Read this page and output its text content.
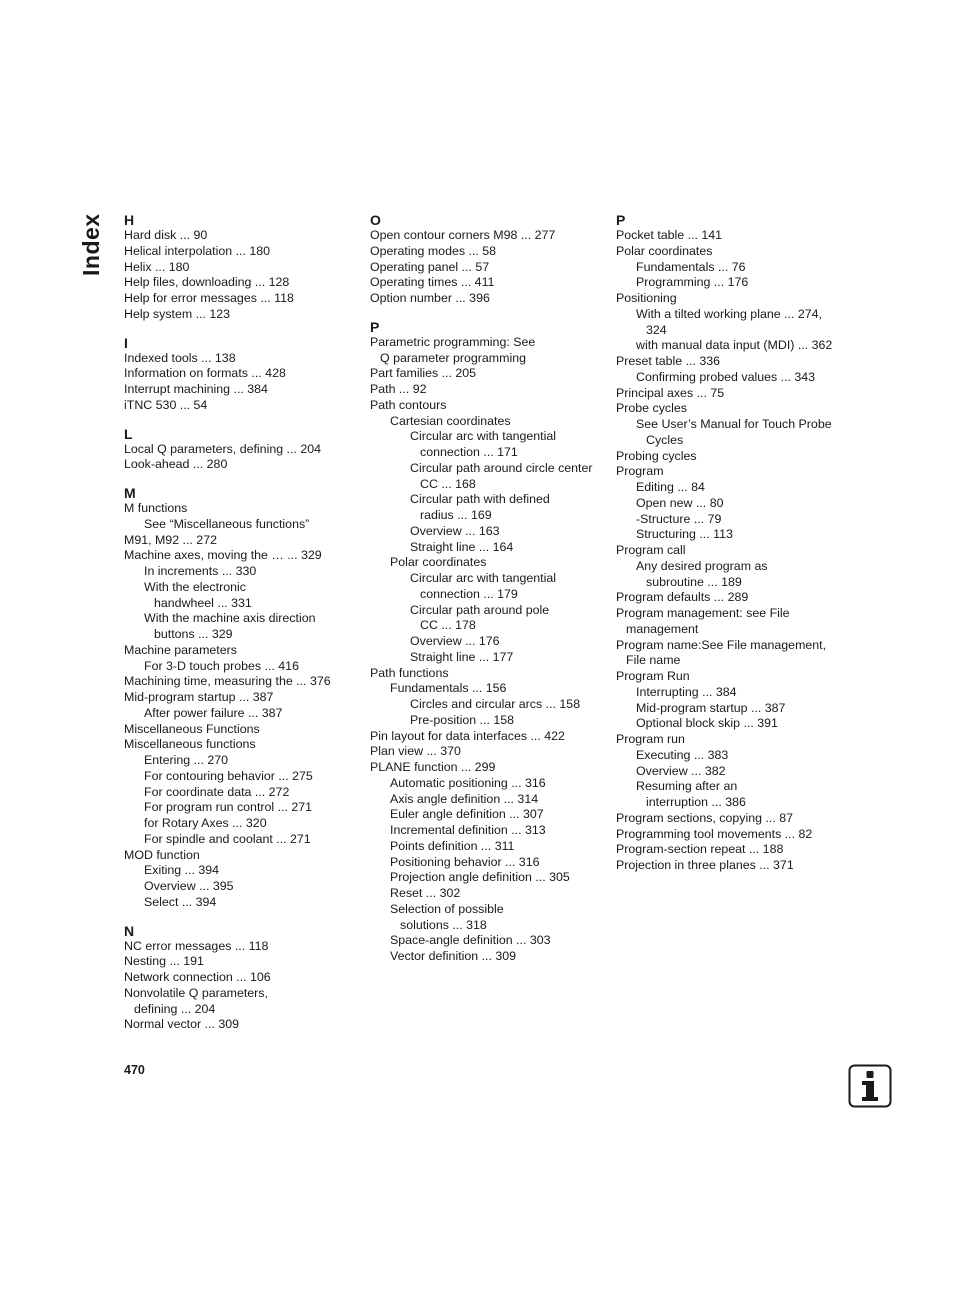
Index H
Hard disk ... 90
Helical interpolation ... 180
Helix ... 180
Help files, downloading ... 128
Help for error messages ... 118
Help system ... 123
I
Indexed tools ... 138
Information on formats ... 428
Interrupt machining ... 384
iTNC 530 ... 54
L
Local Q parameters, defining ... 204
Look-ahead ... 280
M
M functions
See “Miscellaneous functions”
M91, M92 ... 272
Machine axes, moving the … ... 329
In increments ... 330
With the electronic
handwheel ... 331
With the machine axis direction
buttons ... 329
Machine parameters
For 3-D touch probes ... 416
Machining time, measuring the ... 376
Mid-program startup ... 387
After power failure ... 387
Miscellaneous Functions
Miscellaneous functions
Entering ... 270
For contouring behavior ... 275
For coordinate data ... 272
For program run control ... 271
for Rotary Axes ... 320
For spindle and coolant ... 271
MOD function
Exiting ... 394
Overview ... 395
Select ... 394
N
NC error messages ... 118
Nesting ... 191
Network connection ... 106
Nonvolatile Q parameters,
defining ... 204
Normal vector ... 309
O
Open contour corners M98 ... 277
Operating modes ... 58
Operating panel ... 57
Operating times ... 411
Option number ... 396
P
Parametric programming: See
Q parameter programming
Part families ... 205
Path ... 92
Path contours
Cartesian coordinates
Circular arc with tangential
connection ... 171
Circular path around circle center
CC ... 168
Circular path with defined
radius ... 169
Overview ... 163
Straight line ... 164
Polar coordinates
Circular arc with tangential
connection ... 179
Circular path around pole
CC ... 178
Overview ... 176
Straight line ... 177
Path functions
Fundamentals ... 156
Circles and circular arcs ... 158
Pre-position ... 158
Pin layout for data interfaces ... 422
Plan view ... 370
PLANE function ... 299
Automatic positioning ... 316
Axis angle definition ... 314
Euler angle definition ... 307
Incremental definition ... 313
Points definition ... 311
Positioning behavior ... 316
Projection angle definition ... 305
Reset ... 302
Selection of possible
solutions ... 318
Space-angle definition ... 303
Vector definition ... 309
P
Pocket table ... 141
Polar coordinates
Fundamentals ... 76
Programming ... 176
Positioning
With a tilted working plane ... 274,
324
with manual data input (MDI) ... 362
Preset table ... 336
Confirming probed values ... 343
Principal axes ... 75
Probe cycles
See User’s Manual for Touch Probe
Cycles
Probing cycles
Program
Editing ... 84
Open new ... 80
-Structure ... 79
Structuring ... 113
Program call
Any desired program as
subroutine ... 189
Program defaults ... 289
Program management: see File
management
Program name:See File management,
File name
Program Run
Interrupting ... 384
Mid-program startup ... 387
Optional block skip ... 391
Program run
Executing ... 383
Overview ... 382
Resuming after an
interruption ... 386
Program sections, copying ... 87
Programming tool movements ... 82
Program-section repeat ... 188
Projection in three planes ... 371
470
